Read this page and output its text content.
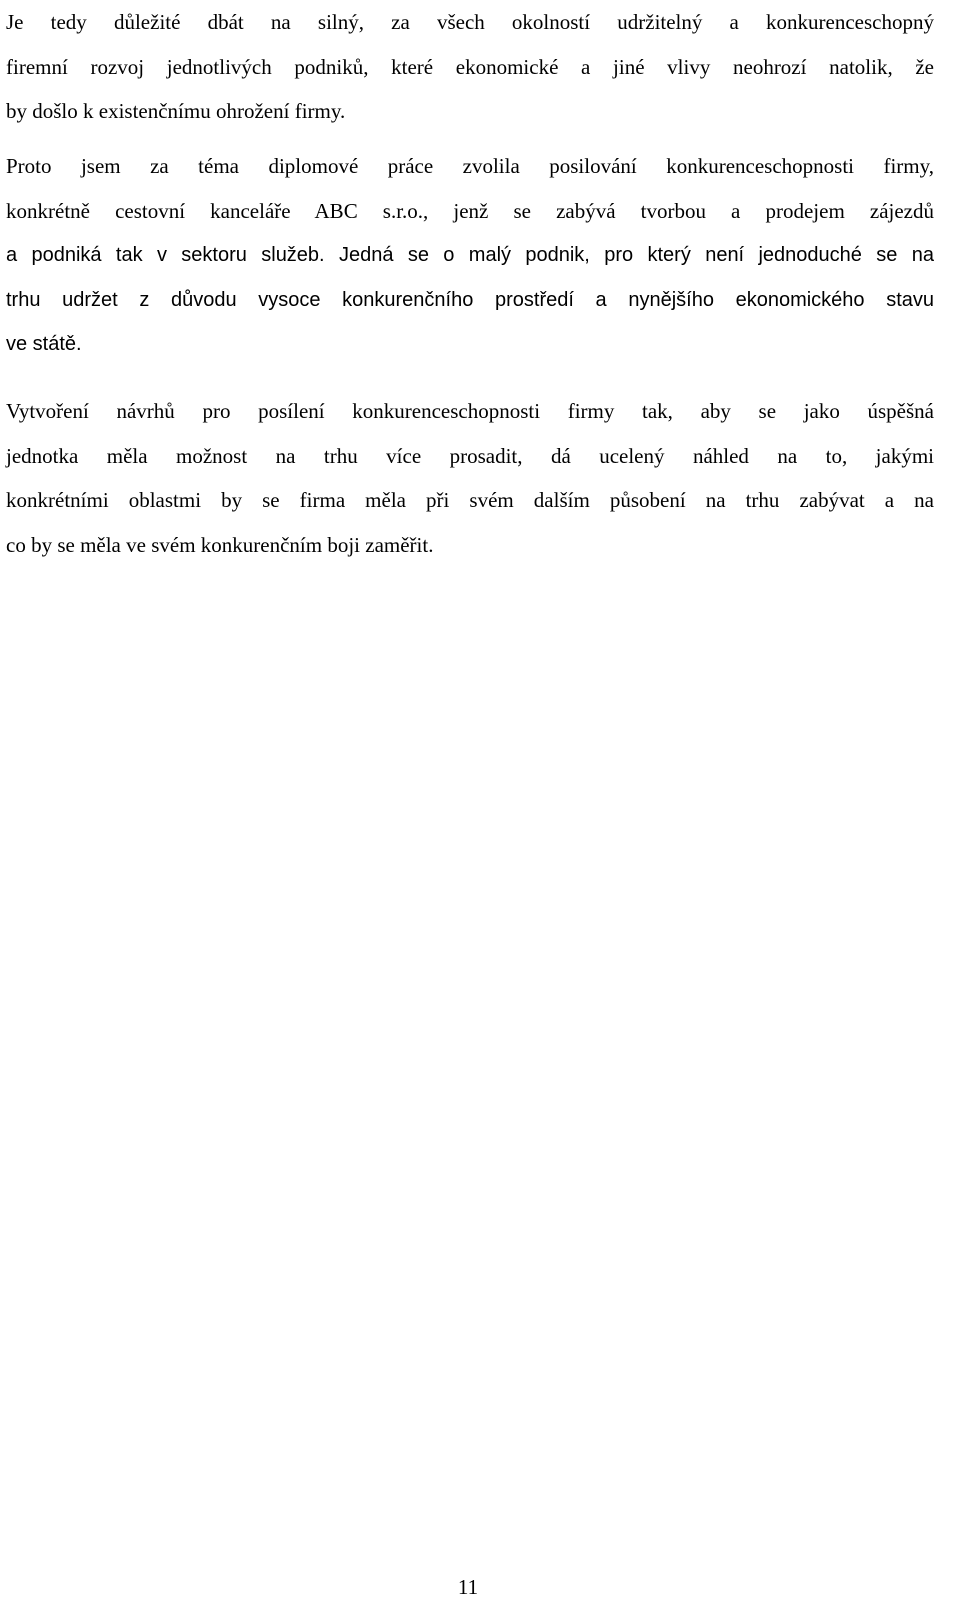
Je tedy důležité dbát na silný, za všech okolností udržitelný a konkurenceschopný
firemní rozvoj jednotlivých podniků, které ekonomické a jiné vlivy neohrozí natolik, že
by došlo k existenčnímu ohrožení firmy.
Proto jsem za téma diplomové práce zvolila posilování konkurenceschopnosti firmy,
konkrétně cestovní kanceláře ABC s.r.o., jenž se zabývá tvorbou a prodejem zájezdů
a podniká tak v sektoru služeb. Jedná se o malý podnik, pro který není jednoduché se na
trhu udržet z důvodu vysoce konkurenčního prostředí a nynějšího ekonomického stavu
ve státě.
Vytvoření návrhů pro posílení konkurenceschopnosti firmy tak, aby se jako úspěšná
jednotka měla možnost na trhu více prosadit, dá ucelený náhled na to, jakými
konkrétními oblastmi by se firma měla při svém dalším působení na trhu zabývat a na
co by se měla ve svém konkurenčním boji zaměřit.
11
